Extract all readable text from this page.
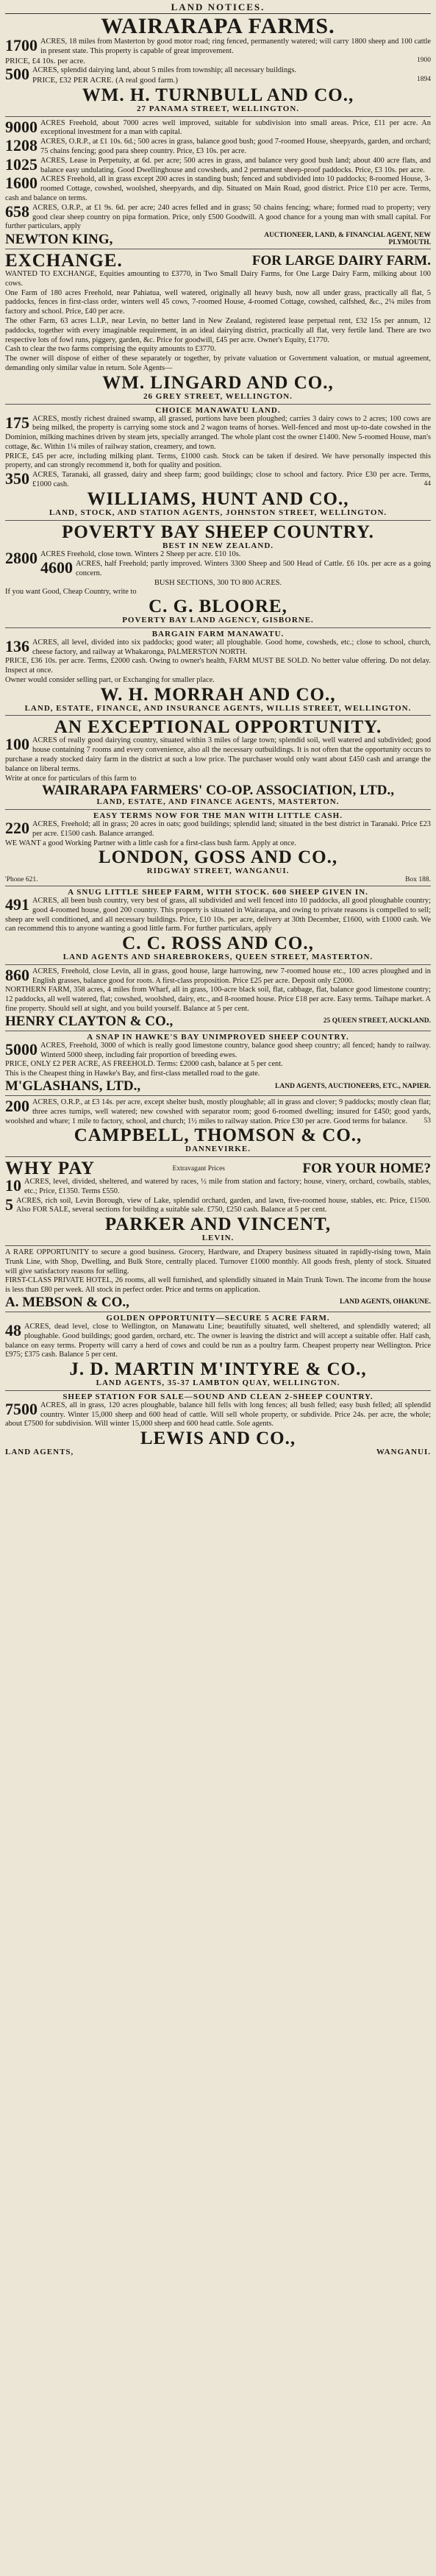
LAND NOTICES.
WAIRARAPA FARMS.

1700 ACRES, 18 miles from Masterton by good motor road; ring fenced, permanently watered; will carry 1800 sheep and 100 cattle in present state. This property is capable of great improvement.

PRICE, £4 10s. per acre.	1900

500 ACRES, splendid dairying land, about 5 miles from township; all necessary buildings.

PRICE, £32 PER ACRE. (A real good farm.)	1894

WM. H. TURNBULL AND CO.,
27 PANAMA STREET, WELLINGTON.

9000 ACRES Freehold, about 7000 acres well improved, suitable for subdivision into small areas. Price, £11 per acre. An exceptional investment for a man with capital.

1208 ACRES, O.R.P., at £1 10s. 6d.; 500 acres in grass, balance good bush; good 7-roomed House, sheepyards, garden, and orchard; 75 chains fencing; good para sheep country. Price, £3 10s. per acre.

1025 ACRES, Lease in Perpetuity, at 6d. per acre; 500 acres in grass, and balance very good bush land; about 400 acre flats, and balance easy undulating. Good Dwellinghouse and cowsheds, and 2 permanent sheep-proof paddocks. Price, £3 10s. per acre.

1600 ACRES Freehold, all in grass except 200 acres in standing bush; fenced and subdivided into 10 paddocks; 8-roomed House, 3-roomed Cottage, cowshed, woolshed, sheepyards, and dip. Situated on Main Road, good district. Price £10 per acre. Terms, cash and balance on terms.

658 ACRES, O.R.P., at £1 9s. 6d. per acre; 240 acres felled and in grass; 50 chains fencing; whare; formed road to property; very good clear sheep country on pipa formation. Price, only £500 Goodwill. A good chance for a young man with small capital. For further particulars, apply

NEWTON KING,	AUCTIONEER, LAND, & FINANCIAL AGENT, NEW PLYMOUTH.
EXCHANGE.	FOR LARGE DAIRY FARM.

WANTED TO EXCHANGE, Equities amounting to £3770, in Two Small Dairy Farms, for One Large Dairy Farm, milking about 100 cows.

One Farm of 180 acres Freehold, near Pahiatua, well watered, originally all heavy bush, now all under grass, practically all flat, 5 paddocks, fences in first-class order, winters well 45 cows, 7-roomed House, 4-roomed Cottage, cowshed, calfshed, &c., 2¼ miles from factory and school. Price, £40 per acre.

The other Farm, 63 acres L.I.P., near Levin, no better land in New Zealand, registered lease perpetual rent, £32 15s per annum, 12 paddocks, together with every imaginable requirement, in an ideal dairying district, practically all flat, very fertile land. There are two respective lots of fowl runs, piggery, garden, &c. Price for goodwill, £45 per acre. Owner's Equity, £1770.

Cash to clear the two farms comprising the equity amounts to £3770.

The owner will dispose of either of these separately or together, by private valuation or Government valuation, or mutual agreement, demanding only similar value in return. Sole Agents—

WM. LINGARD AND CO.,
26 GREY STREET, WELLINGTON.
CHOICE MANAWATU LAND.

175 ACRES, mostly richest drained swamp, all grassed, portions have been ploughed; carries 3 dairy cows to 2 acres; 100 cows are being milked, the property is carrying some stock and 2 wagon teams of horses. Well-fenced and most up-to-date cowshed in the Dominion, milking machines driven by steam jets, specially arranged. The whole plant cost the owner £1400. New 5-roomed House, man's cottage, &c. Within 1¼ miles of railway station, creamery, and town.

PRICE, £45 per acre, including milking plant. Terms, £1000 cash. Stock can be taken if desired. We have personally inspected this property, and can strongly recommend it, both for quality and position.

350 ACRES, Taranaki, all grassed, dairy and sheep farm; good buildings; close to school and factory. Price £30 per acre. Terms, £1000 cash.	44

WILLIAMS, HUNT AND CO.,
LAND, STOCK, AND STATION AGENTS, JOHNSTON STREET, WELLINGTON.
POVERTY BAY SHEEP COUNTRY.
BEST IN NEW ZEALAND.

2800 ACRES Freehold, close town. Winters 2 Sheep per acre. £10 10s.

4600 ACRES, half Freehold; partly improved. Winters 3300 Sheep and 500 Head of Cattle. £6 10s. per acre as a going concern.

BUSH SECTIONS, 300 TO 800 ACRES.

If you want Good, Cheap Country, write to

C. G. BLOORE,
POVERTY BAY LAND AGENCY, GISBORNE.
BARGAIN FARM MANAWATU.

136 ACRES, all level, divided into six paddocks; good water; all ploughable. Good home, cowsheds, etc.; close to school, church, cheese factory, and railway at Whakaronga, PALMERSTON NORTH.

PRICE, £36 10s. per acre. Terms, £2000 cash. Owing to owner's health, FARM MUST BE SOLD. No better value offering. Do not delay. Inspect at once.

Owner would consider selling part, or Exchanging for smaller place.

W. H. MORRAH AND CO.,
LAND, ESTATE, FINANCE, AND INSURANCE AGENTS, WILLIS STREET, WELLINGTON.
AN EXCEPTIONAL OPPORTUNITY.

100 ACRES of really good dairying country, situated within 3 miles of large town; splendid soil, well watered and subdivided; good house containing 7 rooms and every convenience, also all the necessary outbuildings. It is not often that the opportunity occurs to purchase a ready stocked dairy farm in the district at such a low price. The purchaser would only want about £450 cash and arrange the balance on liberal terms.

Write at once for particulars of this farm to

WAIRARAPA FARMERS' CO-OP. ASSOCIATION, LTD.,
LAND, ESTATE, AND FINANCE AGENTS, MASTERTON.
EASY TERMS NOW FOR THE MAN WITH LITTLE CASH.

220 ACRES, Freehold; all in grass; 20 acres in oats; good buildings; splendid land; situated in the best district in Taranaki. Price £23 per acre. £1500 cash. Balance arranged.

WE WANT a good Working Partner with a little cash for a first-class bush farm. Apply at once.

LONDON, GOSS AND CO.,
RIDGWAY STREET, WANGANUI.
'Phone 621.	Box 188.
A SNUG LITTLE SHEEP FARM, WITH STOCK. 600 SHEEP GIVEN IN.

491 ACRES, all been bush country, very best of grass, all subdivided and well fenced into 10 paddocks, all good ploughable country; good 4-roomed house, good 200 country. This property is situated in Wairarapa, and owing to private reasons is compelled to sell; sheep are well conditioned, and all necessary buildings. Price, £10 10s. per acre, delivery at 30th December, £1600, with £1000 cash. We can recommend this to anyone wanting a good little farm. For further particulars, apply

C. C. ROSS AND CO.,
LAND AGENTS AND SHAREBROKERS, QUEEN STREET, MASTERTON.

860 ACRES, Freehold, close Levin, all in grass, good house, large harrowing, new 7-roomed house etc., 100 acres ploughed and in English grasses, balance good for roots. A first-class proposition. Price £25 per acre. Deposit only £2000.

NORTHERN FARM, 358 acres, 4 miles from Wharf, all in grass, 100-acre black soil, flat, cabbage, flat, balance good limestone country; 12 paddocks, all well watered, flat; cowshed, woolshed, dairy, etc., and 8-roomed house. Price £18 per acre. Easy terms. Taihape market. A fine property. Should sell at sight, and you build yourself. Balance at 5 per cent.

HENRY CLAYTON & CO.,	25 QUEEN STREET, AUCKLAND.
A SNAP IN HAWKE'S BAY UNIMPROVED SHEEP COUNTRY.

5000 ACRES, Freehold, 3000 of which is really good limestone country, balance good sheep country; all fenced; handy to railway. Winterd 5000 sheep, including fair proportion of breeding ewes.

PRICE, ONLY £2 PER ACRE, AS FREEHOLD. Terms: £2000 cash, balance at 5 per cent.

This is the Cheapest thing in Hawke's Bay, and first-class metalled road to the gate.

M'GLASHANS, LTD.,	LAND AGENTS, AUCTIONEERS, ETC., NAPIER.

200 ACRES, O.R.P., at £3 14s. per acre, except shelter bush, mostly ploughable; all in grass and clover; 9 paddocks; mostly clean flat; three acres turnips, well watered; new cowshed with separator room; good 6-roomed dwelling; insured for £450; good yards, woolshed and whare; 1 mile to factory, school, and church; 1½ miles to railway station. Price £30 per acre. Good terms for balance. 53

CAMPBELL, THOMSON & CO.,
DANNEVIRKE.
WHY PAY	Extravagant Prices	FOR YOUR HOME?

10 ACRES, level, divided, sheltered, and watered by races, ½ mile from station and factory; house, vinery, orchard, cowbails, stables, etc.; Price, £1350. Terms £550.

5 ACRES, rich soil, Levin Borough, view of Lake, splendid orchard, garden, and lawn, five-roomed house, stables, etc. Price, £1500. Also FOR SALE, several sections for building a suitable sale. £750, £250 cash. Balance at 5 per cent.

PARKER AND VINCENT,
LEVIN.

A RARE OPPORTUNITY to secure a good business. Grocery, Hardware, and Drapery business situated in rapidly-rising town, Main Trunk Line, with Shop, Dwelling, and Bulk Store, centrally placed. Turnover £1000 monthly. All goods fresh, plenty of stock. Situated will give satisfactory reasons for selling.

FIRST-CLASS PRIVATE HOTEL, 26 rooms, all well furnished, and splendidly situated in Main Trunk Town. The income from the house is less than £80 per week. All stock in perfect order. Price and terms on application.

A. MEBSON & CO.,	LAND AGENTS, OHAKUNE.
GOLDEN OPPORTUNITY—SECURE 5 ACRE FARM.

48 ACRES, dead level, close to Wellington, on Manawatu Line; beautifully situated, well sheltered, and splendidly watered; all ploughable. Good buildings; good garden, orchard, etc. The owner is leaving the district and will accept a suitable offer. Half cash, balance on easy terms. Property will carry a herd of cows and could be run as a poultry farm. Cheapest property near Wellington. Price £975; £375 cash. Balance 5 per cent.

J. D. MARTIN M'INTYRE & CO.,
LAND AGENTS, 35-37 LAMBTON QUAY, WELLINGTON.
SHEEP STATION FOR SALE—SOUND AND CLEAN 2-SHEEP COUNTRY.

7500 ACRES, all in grass, 120 acres ploughable, balance hill fells with long fences; all bush felled; easy bush felled; all splendid country. Winter 15,000 sheep and 600 head of cattle. Will sell whole property, or subdivide. Price 24s. per acre, the whole; about £7500 for subdivision. Will winter 15,000 sheep and 600 head cattle. Sole agents.

LEWIS AND CO.,
LAND AGENTS,	WANGANUI.
